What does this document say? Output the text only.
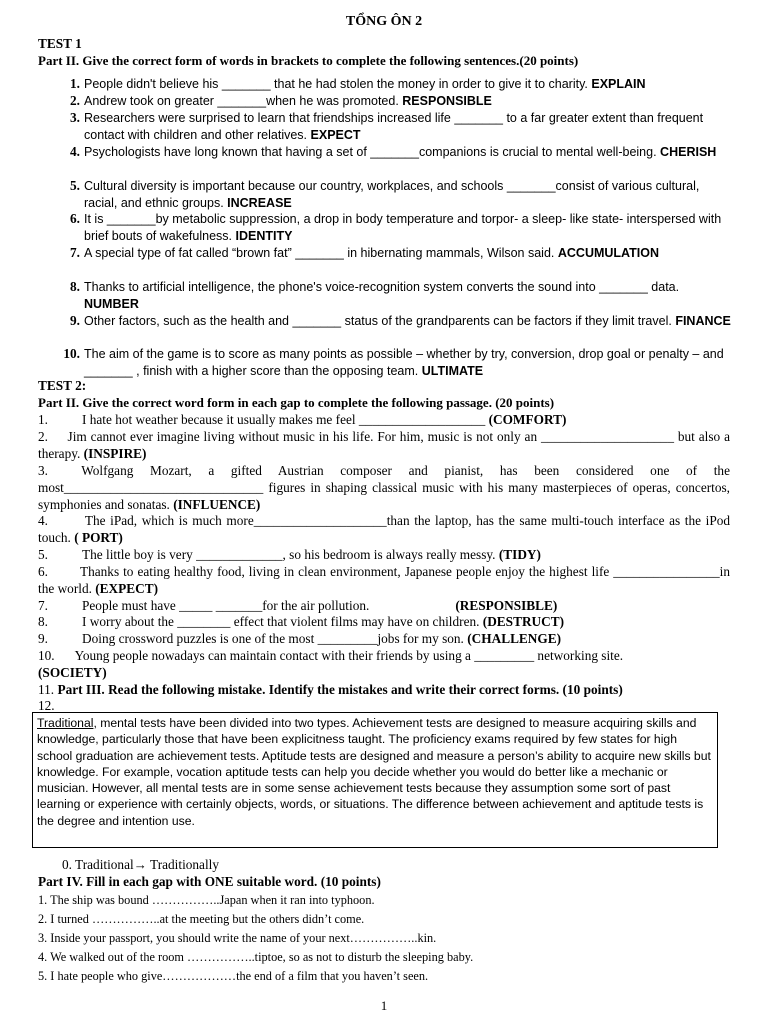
TỔNG ÔN 2
TEST 1
Part II. Give the correct form of words in brackets to complete the following sentences.(20 points)
1. People didn't believe his _______ that he had stolen the money in order to give it to charity. EXPLAIN
2. Andrew took on greater _______when he was promoted. RESPONSIBLE
3. Researchers were surprised to learn that friendships increased life _______ to a far greater extent than frequent contact with children and other relatives. EXPECT
4. Psychologists have long known that having a set of _______companions is crucial to mental well-being. CHERISH
5. Cultural diversity is important because our country, workplaces, and schools _______consist of various cultural, racial, and ethnic groups. INCREASE
6. It is _______by metabolic suppression, a drop in body temperature and torpor- a sleep- like state- interspersed with brief bouts of wakefulness. IDENTITY
7. A special type of fat called “brown fat” _______ in hibernating mammals, Wilson said. ACCUMULATION
8. Thanks to artificial intelligence, the phone's voice-recognition system converts the sound into _______ data. NUMBER
9. Other factors, such as the health and _______ status of the grandparents can be factors if they limit travel. FINANCE
10. The aim of the game is to score as many points as possible – whether by try, conversion, drop goal or penalty – and _______ , finish with a higher score than the opposing team. ULTIMATE
TEST 2:
Part II. Give the correct word form in each gap to complete the following passage. (20 points)
1.	I hate hot weather because it usually makes me feel ___________________ (COMFORT)
2. Jim cannot ever imagine living without music in his life. For him, music is not only an ____________________ but also a therapy. (INSPIRE)
3.	Wolfgang Mozart, a gifted Austrian composer and pianist, has been considered one of the most______________________________ figures in shaping classical music with his many masterpieces of operas, concertos, symphonies and sonatas. (INFLUENCE)
4.	The iPad, which is much more____________________than the laptop, has the same multi-touch interface as the iPod touch. ( PORT)
5.	The little boy is very _____________, so his bedroom is always really messy. (TIDY)
6. Thanks to eating healthy food, living in clean environment, Japanese people enjoy the highest life ________________in the world. (EXPECT)
7.	People must have _____ _______for the air pollution.	(RESPONSIBLE)
8.	I worry about the ________ effect that violent films may have on children. (DESTRUCT)
9.	Doing crossword puzzles is one of the most _________jobs for my son. (CHALLENGE)
10. Young people nowadays can maintain contact with their friends by using a _________ networking site.
(SOCIETY)
11. Part III. Read the following mistake. Identify the mistakes and write their correct forms. (10 points)
12.
Traditional, mental tests have been divided into two types. Achievement tests are designed to measure acquiring skills and knowledge, particularly those that have been explicitness taught. The proficiency exams required by few states for high school graduation are achievement tests. Aptitude tests are designed and measure a person’s ability to acquire new skills but knowledge. For example, vocation aptitude tests can help you decide whether you would do better like a mechanic or musician. However, all mental tests are in some sense achievement tests because they assumption some sort of past learning or experience with certainly objects, words, or situations. The difference between achievement and aptitude tests is the degree and intention use.
0. Traditional→ Traditionally
Part IV. Fill in each gap with ONE suitable word. (10 points)
1. The ship was bound ……………..Japan when it ran into typhoon.
2. I turned ……………..at the meeting but the others didn’t come.
3. Inside your passport, you should write the name of your next……………..kin.
4. We walked out of the room ……………..tiptoe, so as not to disturb the sleeping baby.
5. I hate people who give………………the end of a film that you haven’t seen.
1
